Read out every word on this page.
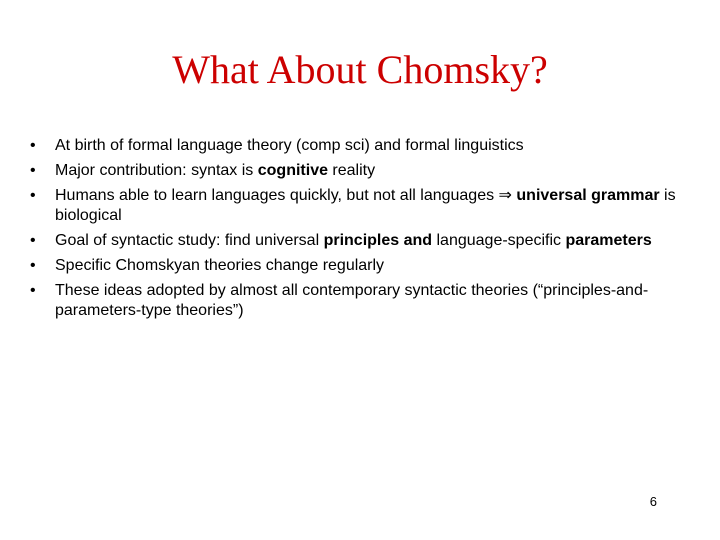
What About Chomsky?
• At birth of formal language theory (comp sci) and formal linguistics
• Major contribution: syntax is cognitive reality
• Humans able to learn languages quickly, but not all languages ⇒ universal grammar is biological
• Goal of syntactic study: find universal principles and language-specific parameters
• Specific Chomskyan theories change regularly
• These ideas adopted by almost all contemporary syntactic theories (“principles-and-parameters-type theories”)
6
